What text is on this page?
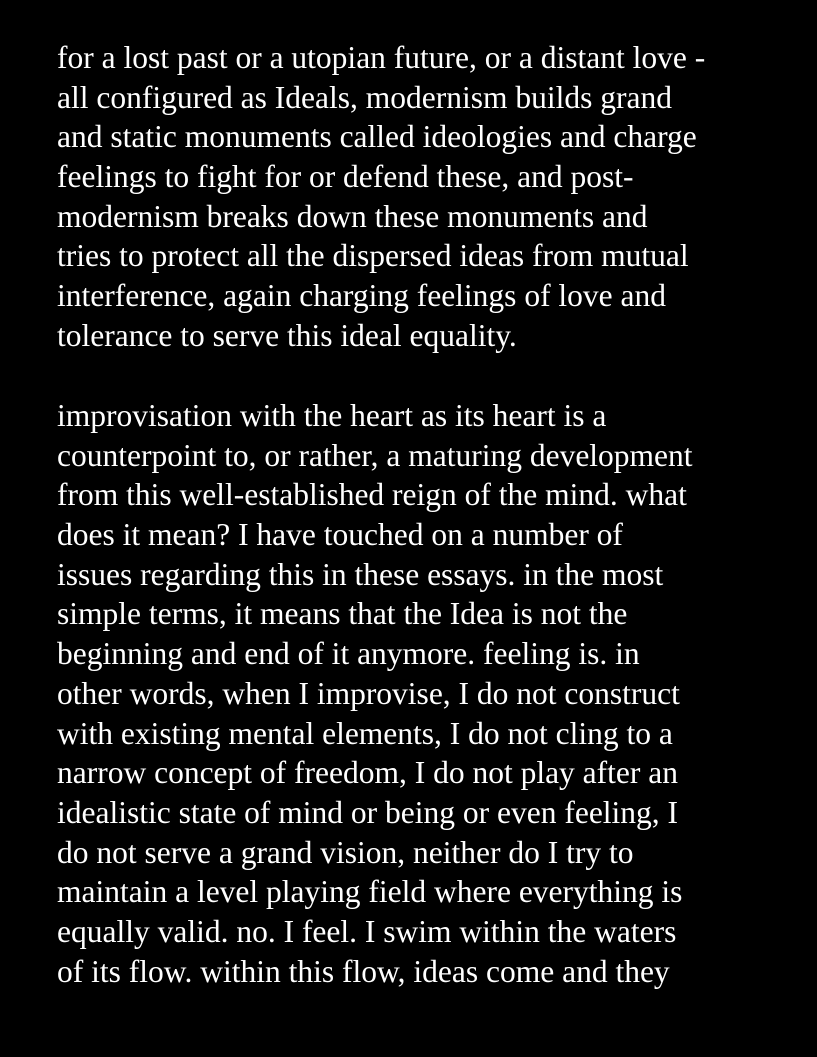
for a lost past or a utopian future, or a distant love -
all configured as Ideals, modernism builds grand
and static monuments called ideologies and charge
feelings to fight for or defend these, and post-
modernism breaks down these monuments and
tries to protect all the dispersed ideas from mutual
interference, again charging feelings of love and
tolerance to serve this ideal equality.
improvisation with the heart as its heart is a
counterpoint to, or rather, a maturing development
from this well-established reign of the mind. what
does it mean? I have touched on a number of
issues regarding this in these essays. in the most
simple terms, it means that the Idea is not the
beginning and end of it anymore. feeling is. in
other words, when I improvise, I do not construct
with existing mental elements, I do not cling to a
narrow concept of freedom, I do not play after an
idealistic state of mind or being or even feeling, I
do not serve a grand vision, neither do I try to
maintain a level playing field where everything is
equally valid. no. I feel. I swim within the waters
of its flow. within this flow, ideas come and they
